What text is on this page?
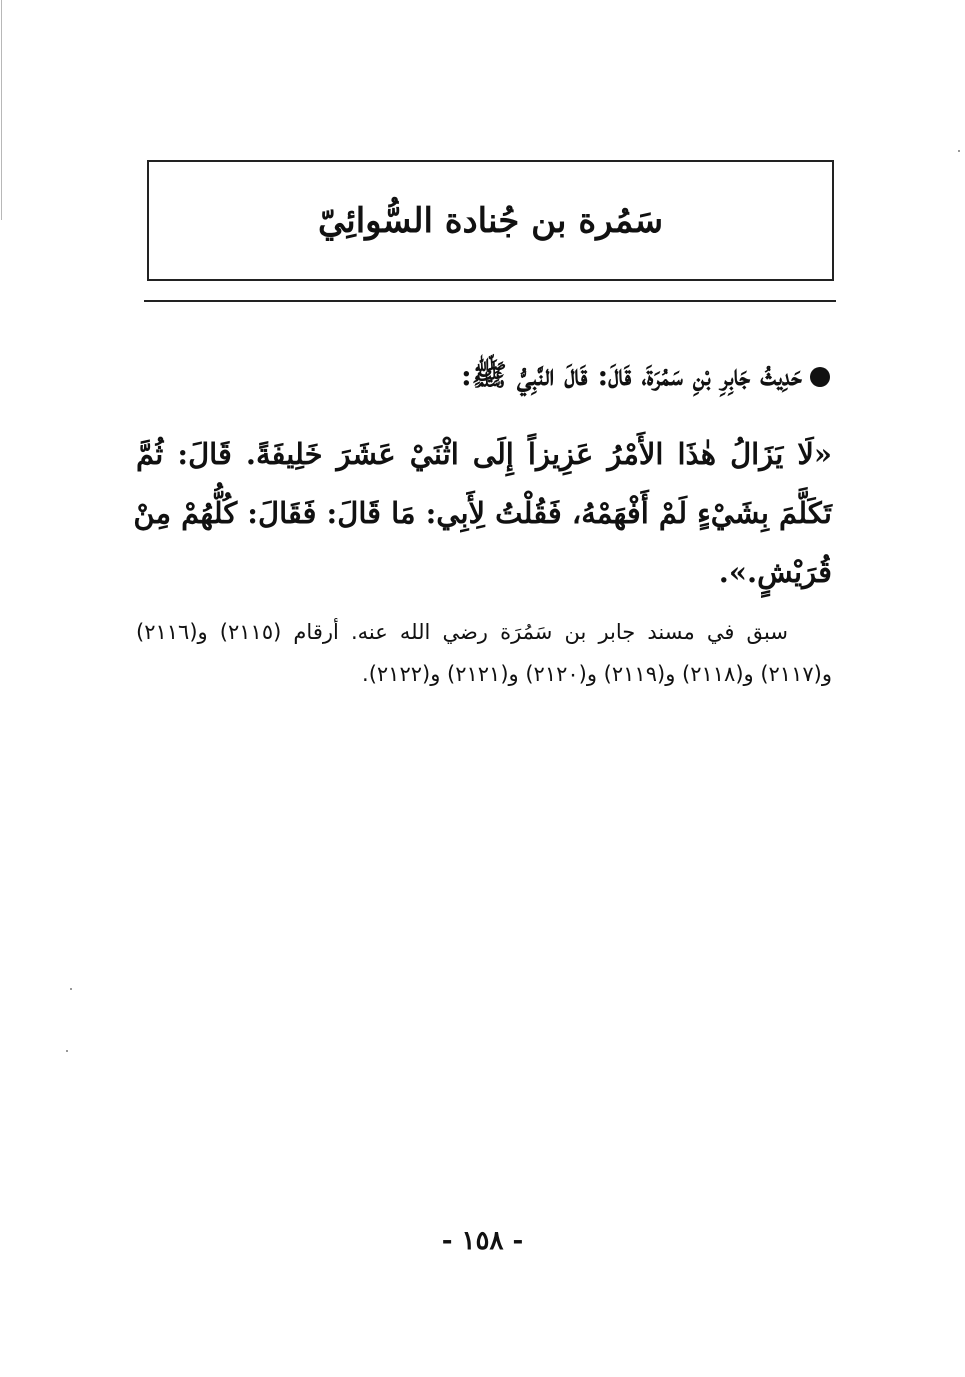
سَمُرة بن جُنادة السُّوائِيّ
حَدِيثُ جَابِرِ بْنِ سَمُرَةَ، قَالَ: قَالَ النَّبِيُّ ﷺ:
«لَا يَزَالُ هٰذَا الأَمْرُ عَزِيزاً إِلَى اثْنَيْ عَشَرَ خَلِيفَةً. قَالَ: ثُمَّ
تَكَلَّمَ بِشَيْءٍ لَمْ أَفْهَمْهُ، فَقُلْتُ لِأَبِي: مَا قَالَ: فَقَالَ: كُلُّهُمْ مِنْ
قُرَيْشٍ.».
سبق في مسند جابر بن سَمُرَة رضي الله عنه. أرقام (٢١١٥) و(٢١١٦)
و(٢١١٧) و(٢١١٨) و(٢١١٩) و(٢١٢٠) و(٢١٢١) و(٢١٢٢).
- ١٥٨ -
